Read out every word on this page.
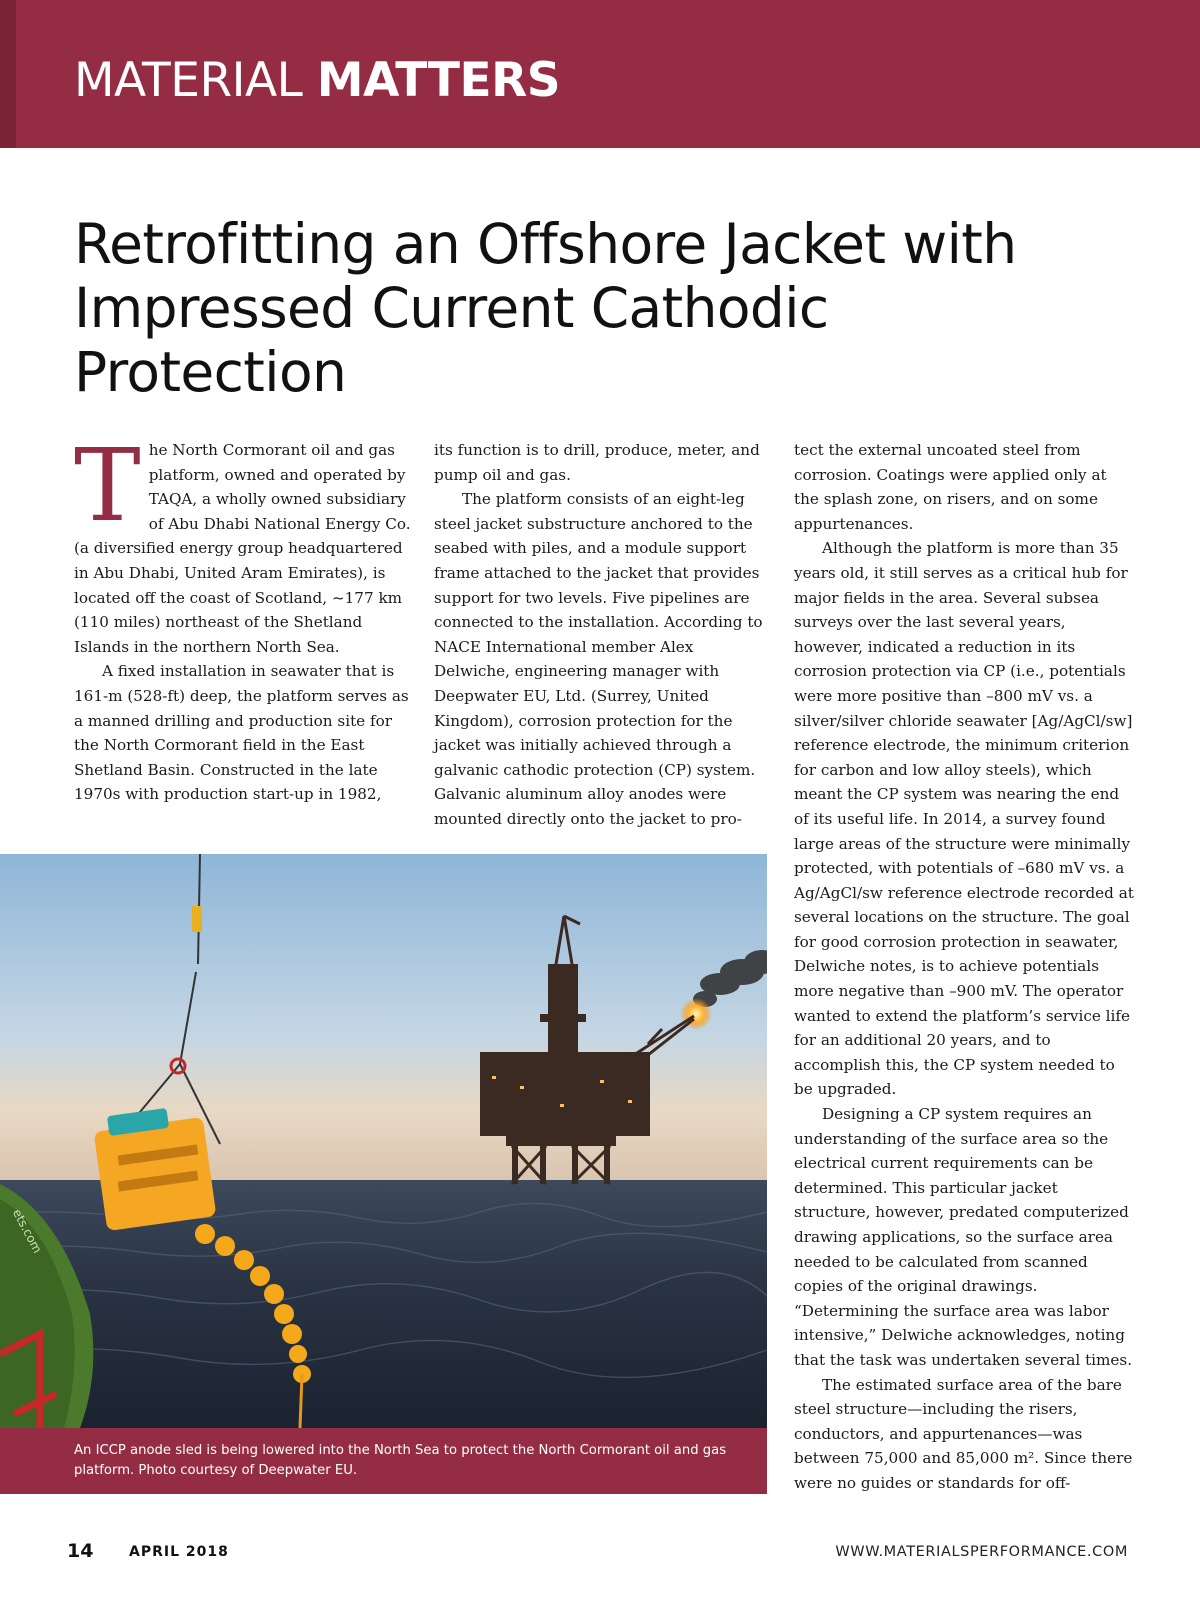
MATERIAL MATTERS
Retrofitting an Offshore Jacket with
Impressed Current Cathodic
Protection
T he North Cormorant oil and gas platform, owned and operated by TAQA, a wholly owned subsidiary of Abu Dhabi National Energy Co. (a diversified energy group headquartered in Abu Dhabi, United Aram Emirates), is located off the coast of Scotland, ~177 km (110 miles) northeast of the Shetland Islands in the northern North Sea.

A fixed installation in seawater that is 161-m (528-ft) deep, the platform serves as a manned drilling and production site for the North Cormorant field in the East Shetland Basin. Constructed in the late 1970s with production start-up in 1982,

its function is to drill, produce, meter, and pump oil and gas.

The platform consists of an eight-leg steel jacket substructure anchored to the seabed with piles, and a module support frame attached to the jacket that provides support for two levels. Five pipelines are connected to the installation. According to NACE International member Alex Delwiche, engineering manager with Deepwater EU, Ltd. (Surrey, United Kingdom), corrosion protection for the jacket was initially achieved through a galvanic cathodic protection (CP) system. Galvanic aluminum alloy anodes were mounted directly onto the jacket to pro-

tect the external uncoated steel from corrosion. Coatings were applied only at the splash zone, on risers, and on some appurtenances.

Although the platform is more than 35 years old, it still serves as a critical hub for major fields in the area. Several subsea surveys over the last several years, however, indicated a reduction in its corrosion protection via CP (i.e., potentials were more positive than –800 mV vs. a silver/silver chloride seawater [Ag/AgCl/sw] reference electrode, the minimum criterion for carbon and low alloy steels), which meant the CP system was nearing the end of its useful life. In 2014, a survey found large areas of the structure were minimally protected, with potentials of –680 mV vs. a Ag/AgCl/sw reference electrode recorded at several locations on the structure. The goal for good corrosion protection in seawater, Delwiche notes, is to achieve potentials more negative than –900 mV. The operator wanted to extend the platform’s service life for an additional 20 years, and to accomplish this, the CP system needed to be upgraded.

Designing a CP system requires an understanding of the surface area so the electrical current requirements can be determined. This particular jacket structure, however, predated computerized drawing applications, so the surface area needed to be calculated from scanned copies of the original drawings. “Determining the surface area was labor intensive,” Delwiche acknowledges, noting that the task was undertaken several times.

The estimated surface area of the bare steel structure—including the risers, conductors, and appurtenances—was between 75,000 and 85,000 m². Since there were no guides or standards for off-

ets.com
An ICCP anode sled is being lowered into the North Sea to protect the North Cormorant oil and gas platform. Photo courtesy of Deepwater EU.
14	APRIL 2018	WWW.MATERIALSPERFORMANCE.COM
